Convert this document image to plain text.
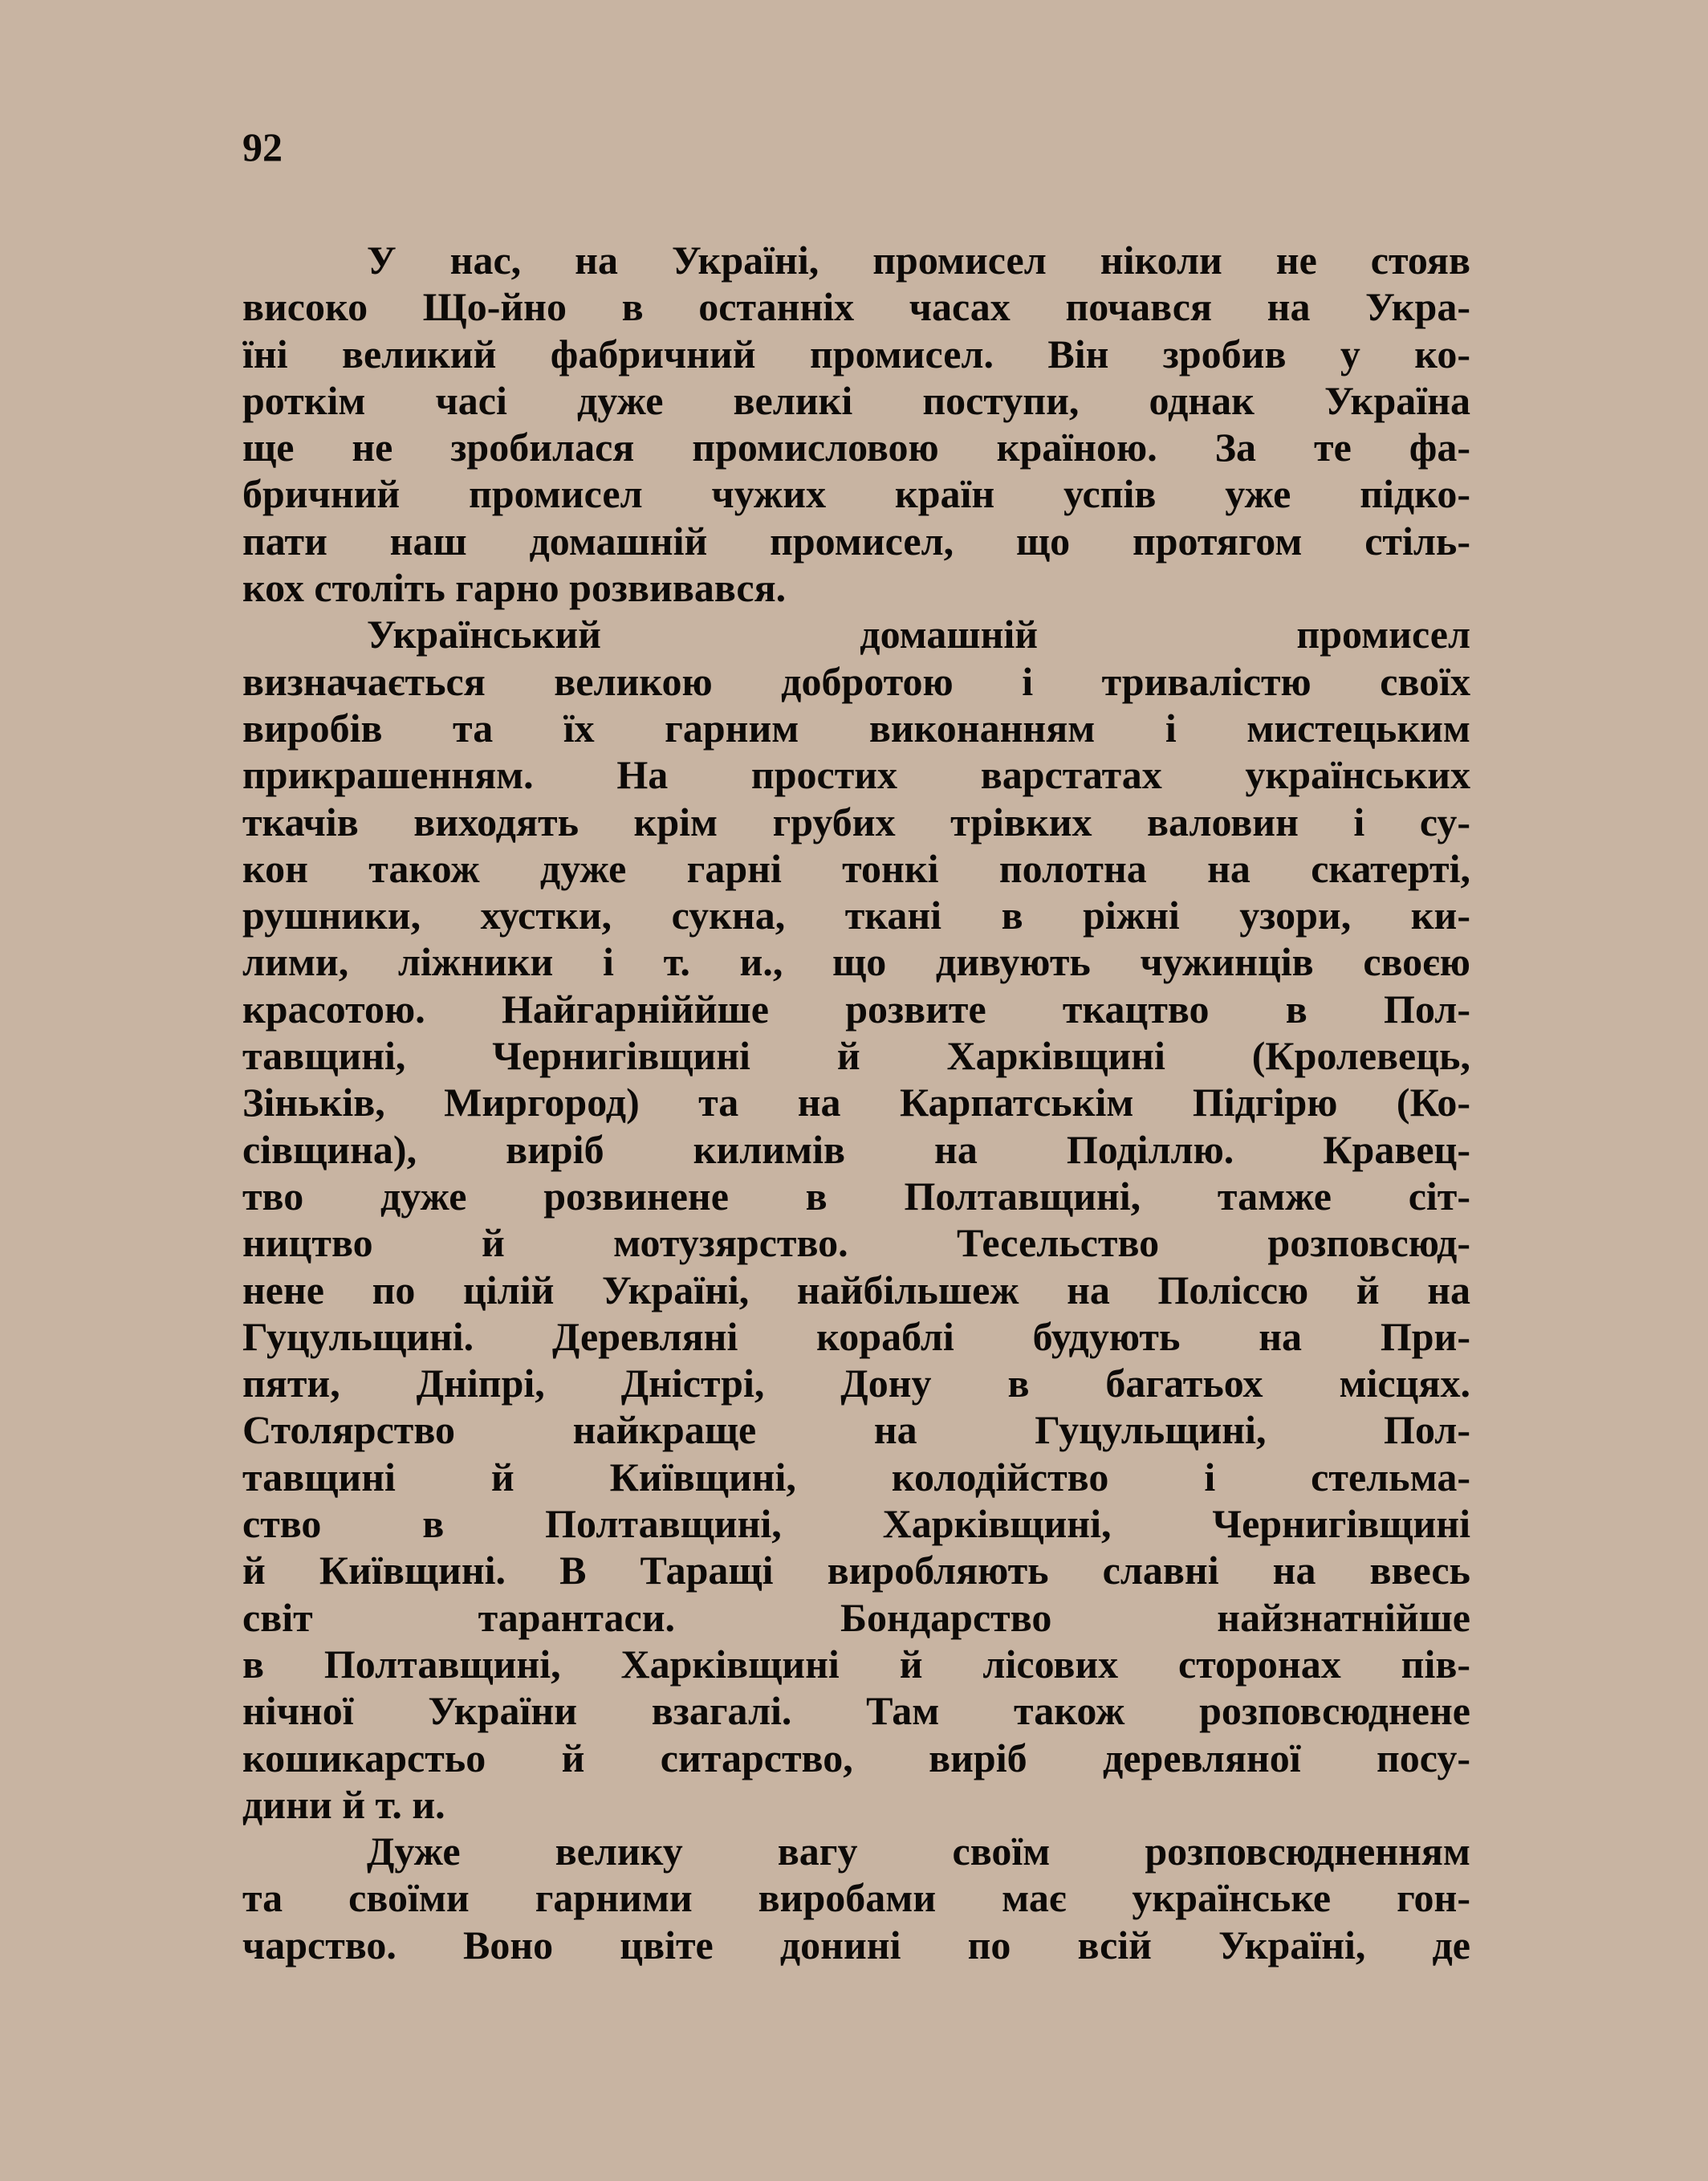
92
У нас, на Україні, промисел ніколи не стояв
високо Що-йно в останніх часах почався на Укра-
їні великий фабричний промисел. Він зробив у ко-
роткім часі дуже великі поступи, однак Україна
ще не зробилася промисловою країною. За те фа-
бричний промисел чужих країн успів уже підко-
пати наш домашній промисел, що протягом стіль-
кох століть гарно розвивався.
Український домашній промисел
визначається великою добротою і тривалістю своїх
виробів та їх гарним виконанням і мистецьким
прикрашенням. На простих варстатах українських
ткачів виходять крім грубих трівких валовин і су-
кон також дуже гарні тонкі полотна на скатерті,
рушники, хустки, сукна, ткані в ріжні узори, ки-
лими, ліжники і т. и., що дивують чужинців своєю
красотою. Найгарніййше розвите ткацтво в Пол-
тавщині, Чернигівщині й Харківщині (Кролевець,
Зіньків, Миргород) та на Карпатськім Підгірю (Ко-
сівщина), виріб килимів на Поділлю. Кравец-
тво дуже розвинене в Полтавщині, тамже сіт-
ництво й мотузярство. Тесельство розповсюд-
нене по цілій Україні, найбільшеж на Поліссю й на
Гуцульщині. Деревляні кораблі будують на При-
пяти, Дніпрі, Дністрі, Дону в багатьох місцях.
Столярство найкраще на Гуцульщині, Пол-
тавщині й Київщині, колодійство і стельма-
ство в Полтавщині, Харківщині, Чернигівщині
й Київщині. В Таращі виробляють славні на ввесь
світ тарантаси. Бондарство найзнатнійше
в Полтавщині, Харківщині й лісових сторонах пів-
нічної України взагалі. Там також розповсюднене
кошикарстьо й ситарство, виріб деревляної посу-
дини й т. и.
Дуже велику вагу своїм розповсюдненням
та своїми гарними виробами має українське гон-
чарство. Воно цвіте донині по всій Україні, де
